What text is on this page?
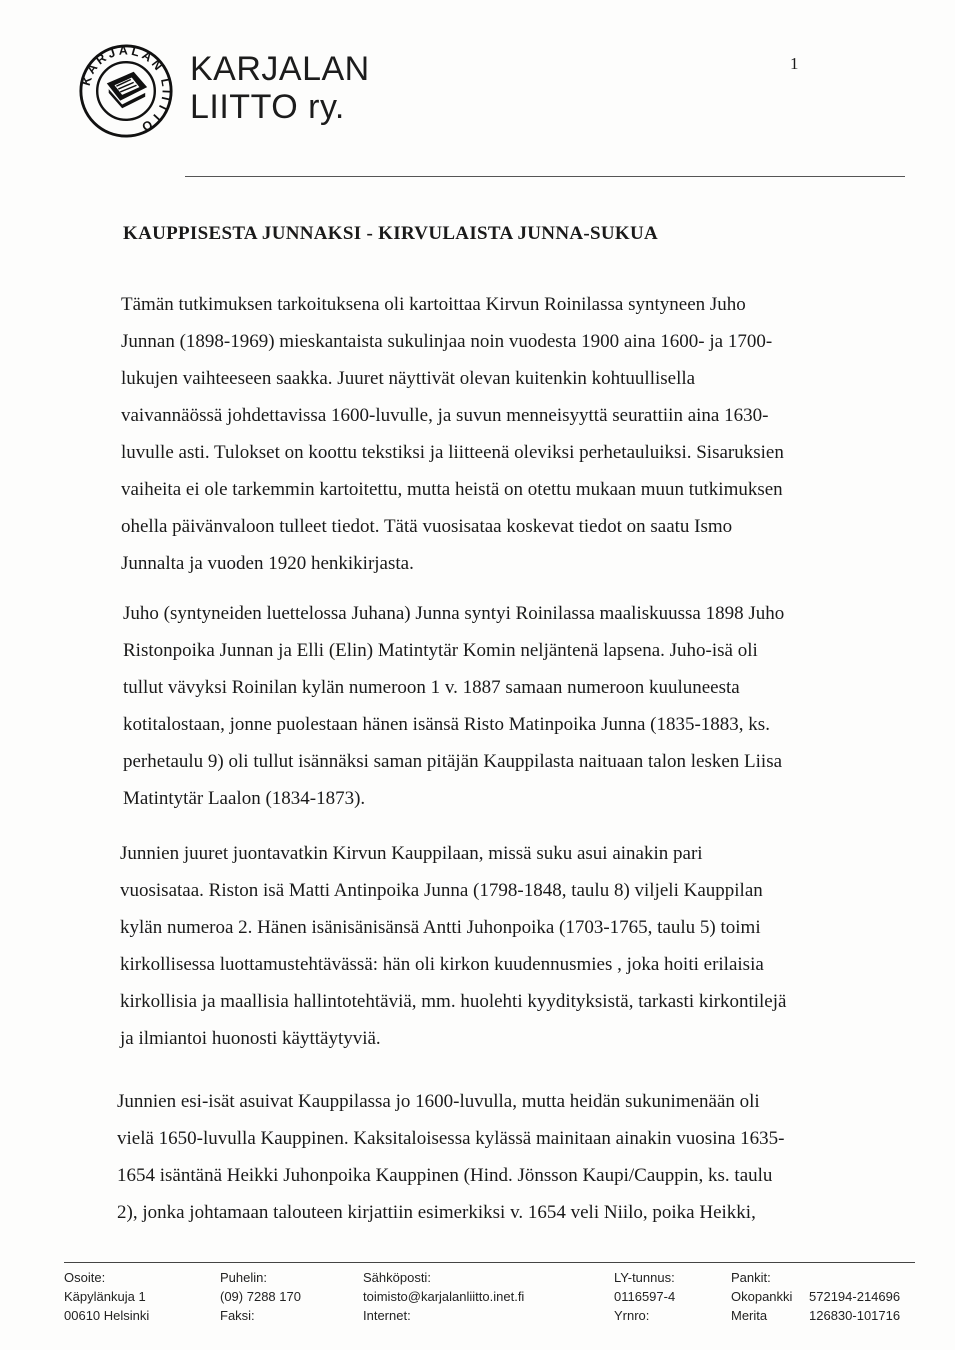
KARJALAN LIITTO
KARJALAN
LIITTO ry.
1
KAUPPISESTA JUNNAKSI - KIRVULAISTA JUNNA-SUKUA
Tämän tutkimuksen tarkoituksena oli kartoittaa Kirvun Roinilassa syntyneen Juho
Junnan (1898-1969) mieskantaista sukulinjaa noin vuodesta 1900 aina 1600- ja 1700-
lukujen vaihteeseen saakka. Juuret näyttivät olevan kuitenkin kohtuullisella
vaivannäössä johdettavissa 1600-luvulle, ja suvun menneisyyttä seurattiin aina 1630-
luvulle asti. Tulokset on koottu tekstiksi ja liitteenä oleviksi perhetauluiksi. Sisaruksien
vaiheita ei ole tarkemmin kartoitettu, mutta heistä on otettu mukaan muun tutkimuksen
ohella päivänvaloon tulleet tiedot. Tätä vuosisataa koskevat tiedot on saatu Ismo
Junnalta ja vuoden 1920 henkikirjasta.
Juho (syntyneiden luettelossa Juhana) Junna syntyi Roinilassa maaliskuussa 1898 Juho
Ristonpoika Junnan ja Elli (Elin) Matintytär Komin neljäntenä lapsena. Juho-isä oli
tullut vävyksi Roinilan kylän numeroon 1 v. 1887 samaan numeroon kuuluneesta
kotitalostaan, jonne puolestaan hänen isänsä Risto Matinpoika Junna (1835-1883, ks.
perhetaulu 9) oli tullut isännäksi saman pitäjän Kauppilasta naituaan talon lesken Liisa
Matintytär Laalon (1834-1873).
Junnien juuret juontavatkin Kirvun Kauppilaan, missä suku asui ainakin pari
vuosisataa. Riston isä Matti Antinpoika Junna (1798-1848, taulu 8) viljeli Kauppilan
kylän numeroa 2. Hänen isänisänisänsä Antti Juhonpoika (1703-1765, taulu 5) toimi
kirkollisessa luottamustehtävässä: hän oli kirkon kuudennusmies , joka hoiti erilaisia
kirkollisia ja maallisia hallintotehtäviä, mm. huolehti kyydityksistä, tarkasti kirkontilejä
ja ilmiantoi huonosti käyttäytyviä.
Junnien esi-isät asuivat Kauppilassa jo 1600-luvulla, mutta heidän sukunimenään oli
vielä 1650-luvulla Kauppinen. Kaksitaloisessa kylässä mainitaan ainakin vuosina 1635-
1654 isäntänä Heikki Juhonpoika Kauppinen (Hind. Jönsson Kaupi/Cauppin, ks. taulu
2), jonka johtamaan talouteen kirjattiin esimerkiksi v. 1654 veli Niilo, poika Heikki,
Osoite:
Käpylänkuja 1
00610 Helsinki
Puhelin:
(09) 7288 170
Faksi:
Sähköposti:
toimisto@karjalanliitto.inet.fi
Internet:
LY-tunnus:
0116597-4
Yrnro:
Pankit:
Okopankki
Merita

572194-214696
126830-101716
